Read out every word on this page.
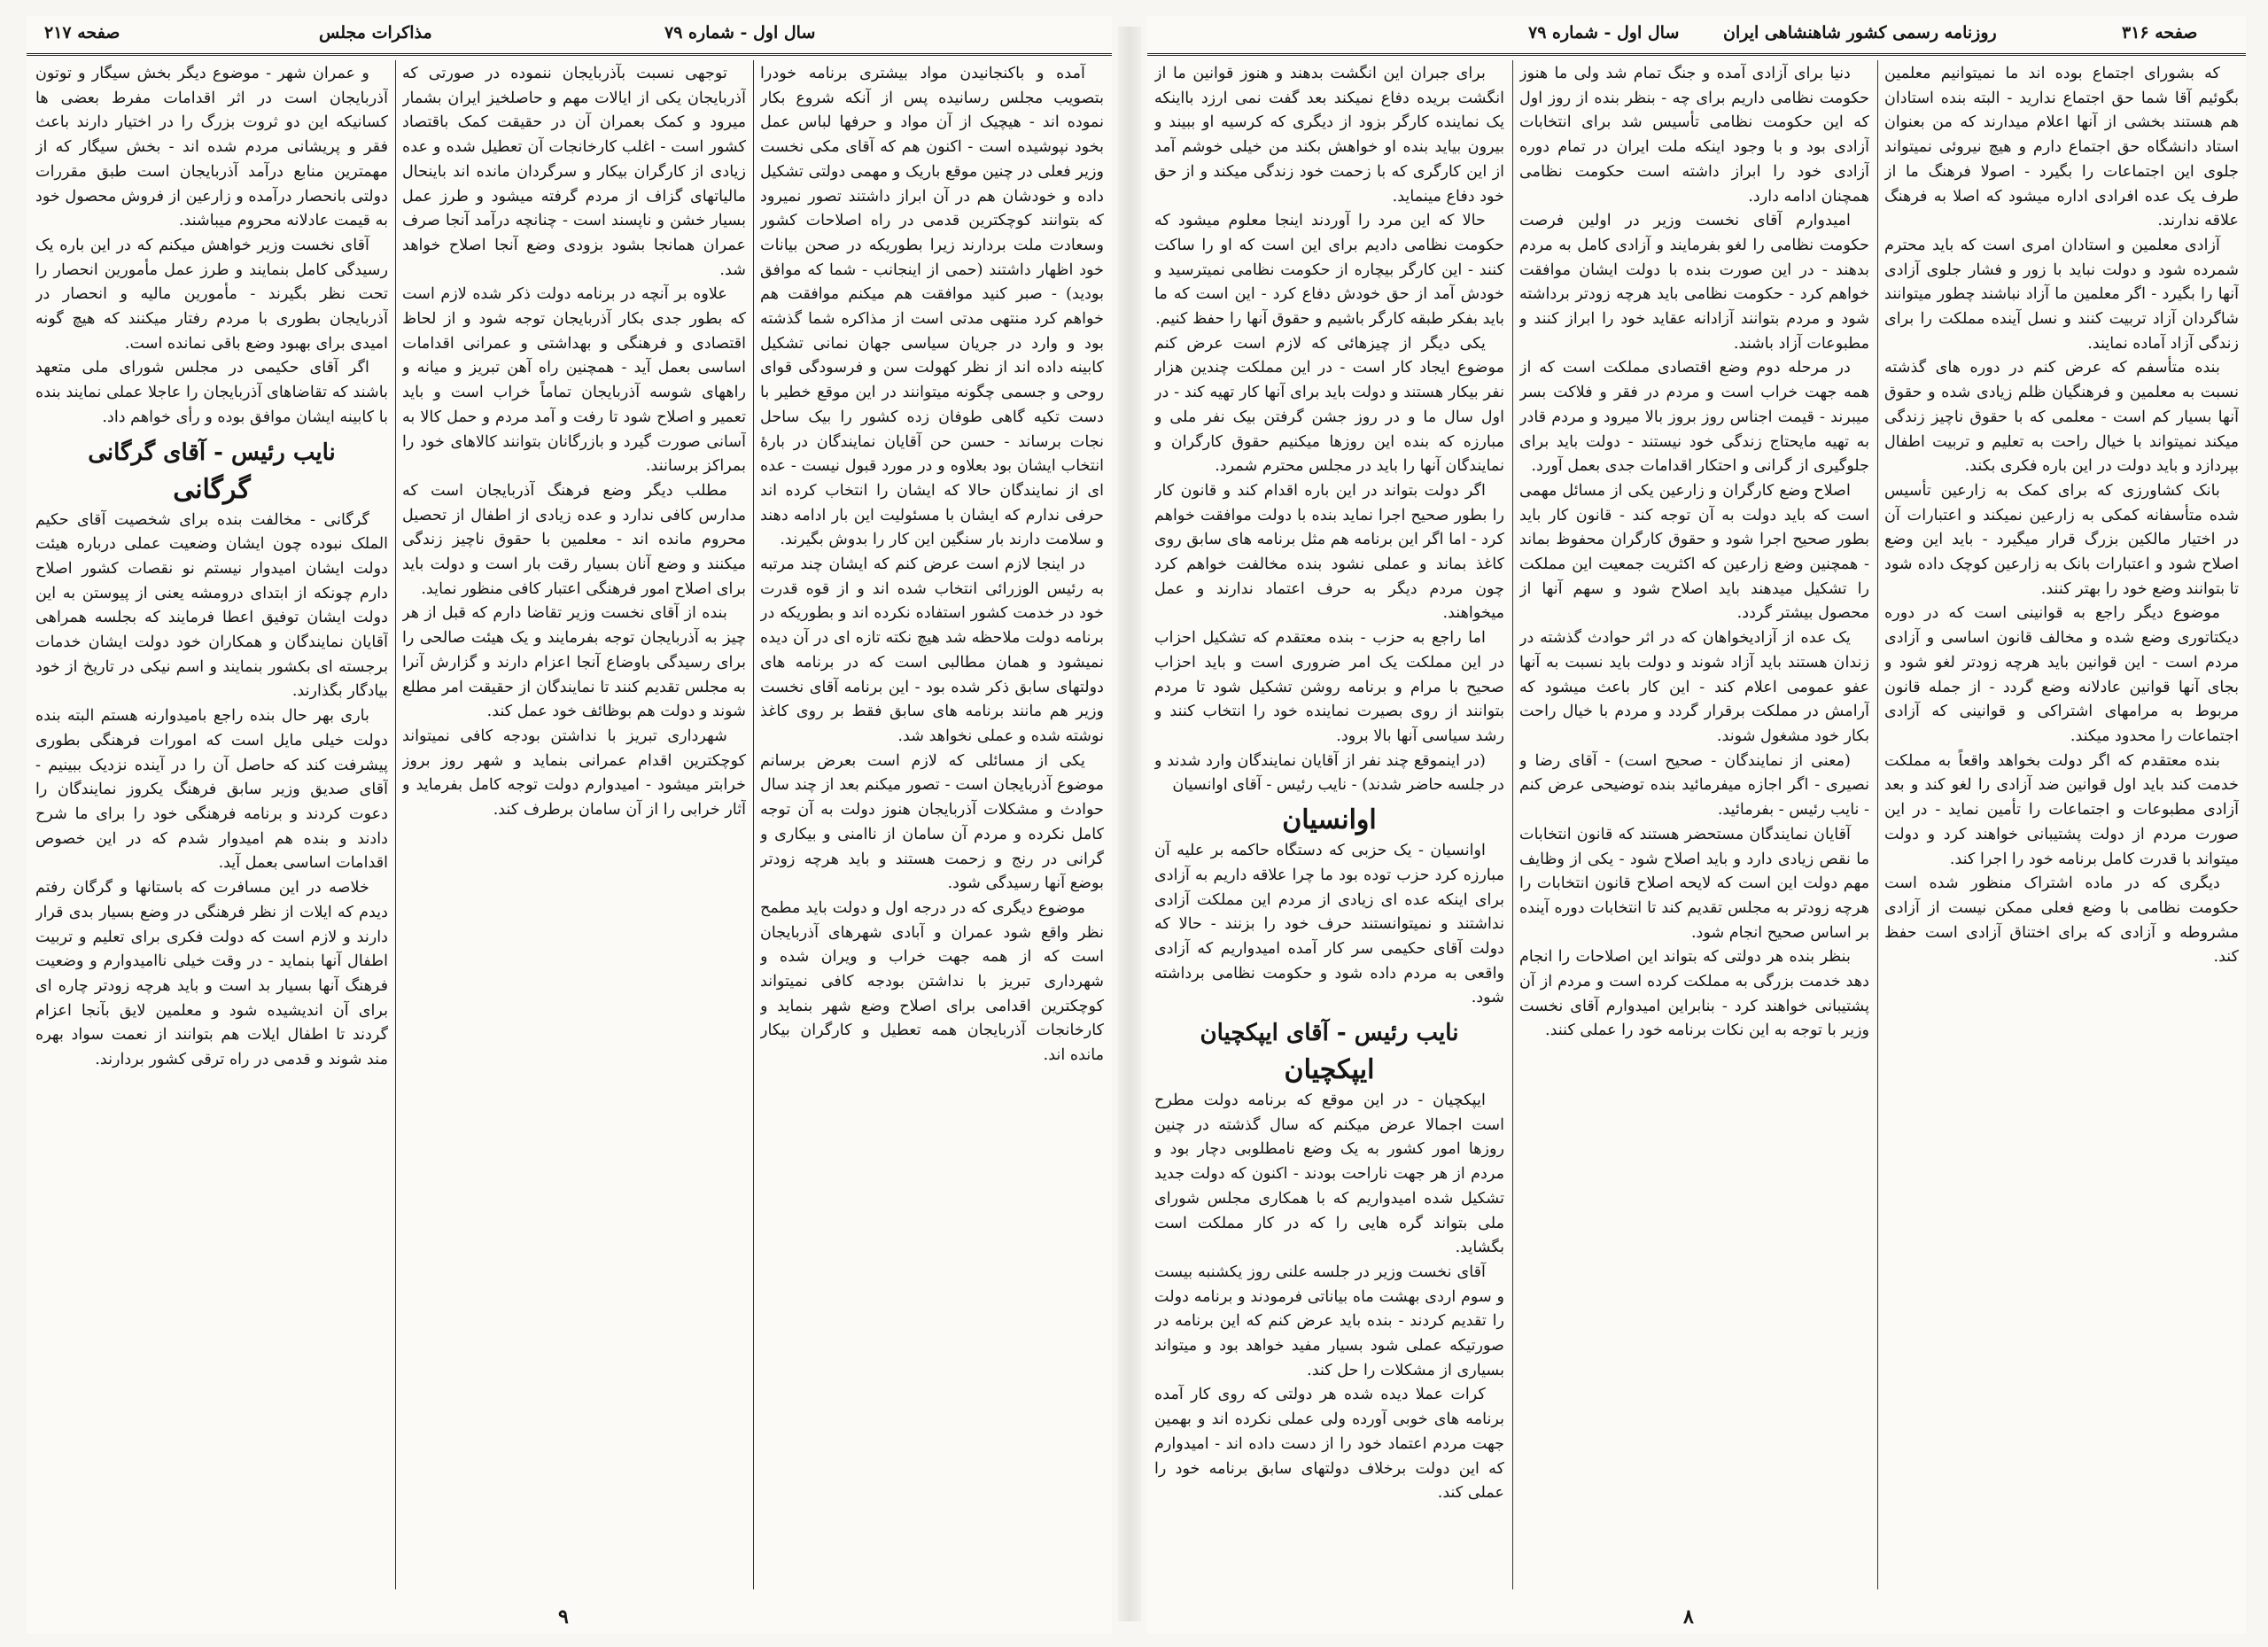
صفحه ۲۱۷	مذاکرات مجلس	سال اول - شماره ۷۹

و عمران شهر - موضوع دیگر بخش سیگار و توتون آذربایجان است در اثر اقدامات مفرط بعضی ها کسانیکه این دو ثروت بزرگ را در اختیار دارند باعث فقر و پریشانی مردم شده اند - بخش سیگار که از مهمترین منابع درآمد آذربایجان است طبق مقررات دولتی بانحصار درآمده و زارعین از فروش محصول خود به قیمت عادلانه محروم میباشند.

آقای نخست وزیر خواهش میکنم که در این باره یک رسیدگی کامل بنمایند و طرز عمل مأمورین انحصار را تحت نظر بگیرند - مأمورین مالیه و انحصار در آذربایجان بطوری با مردم رفتار میکنند که هیچ گونه امیدی برای بهبود وضع باقی نمانده است.

اگر آقای حکیمی در مجلس شورای ملی متعهد باشند که تقاضاهای آذربایجان را عاجلا عملی نمایند بنده با کابینه ایشان موافق بوده و رأی خواهم داد.

نایب رئیس - آقای گرگانی
گرگانی

گرگانی - مخالفت بنده برای شخصیت آقای حکیم الملک نبوده چون ایشان وضعیت عملی درباره هیئت دولت ایشان امیدوار نیستم نو نقصات کشور اصلاح دارم چونکه از ابتدای درومشه یعنی از پیوستن به این دولت ایشان توفیق اعطا فرمایند که بجلسه همراهی آقایان نمایندگان و همکاران خود دولت ایشان خدمات برجسته ای بکشور بنمایند و اسم نیکی در تاریخ از خود بیادگار بگذارند.

باری بهر حال بنده راجع بامیدوارنه هستم البته بنده دولت خیلی مایل است که امورات فرهنگی بطوری پیشرفت کند که حاصل آن را در آینده نزدیک ببینیم - آقای صدیق وزیر سابق فرهنگ یکروز نمایندگان را دعوت کردند و برنامه فرهنگی خود را برای ما شرح دادند و بنده هم امیدوار شدم که در این خصوص اقدامات اساسی بعمل آید.

خلاصه در این مسافرت که باستانها و گرگان رفتم دیدم که ایلات از نظر فرهنگی در وضع بسیار بدی قرار دارند و لازم است که دولت فکری برای تعلیم و تربیت اطفال آنها بنماید - در وقت خیلی ناامیدوارم و وضعیت فرهنگ آنها بسیار بد است و باید هرچه زودتر چاره ای برای آن اندیشیده شود و معلمین لایق بآنجا اعزام گردند تا اطفال ایلات هم بتوانند از نعمت سواد بهره مند شوند و قدمی در راه ترقی کشور بردارند.

توجهی نسبت بآذربایجان ننموده در صورتی که آذربایجان یکی از ایالات مهم و حاصلخیز ایران بشمار میرود و کمک بعمران آن در حقیقت کمک باقتصاد کشور است - اغلب کارخانجات آن تعطیل شده و عده زیادی از کارگران بیکار و سرگردان مانده اند باینحال مالیاتهای گزاف از مردم گرفته میشود و طرز عمل بسیار خشن و ناپسند است - چنانچه درآمد آنجا صرف عمران همانجا بشود بزودی وضع آنجا اصلاح خواهد شد.

علاوه بر آنچه در برنامه دولت ذکر شده لازم است که بطور جدی بکار آذربایجان توجه شود و از لحاظ اقتصادی و فرهنگی و بهداشتی و عمرانی اقدامات اساسی بعمل آید - همچنین راه آهن تبریز و میانه و راههای شوسه آذربایجان تماماً خراب است و باید تعمیر و اصلاح شود تا رفت و آمد مردم و حمل کالا به آسانی صورت گیرد و بازرگانان بتوانند کالاهای خود را بمراکز برسانند.

مطلب دیگر وضع فرهنگ آذربایجان است که مدارس کافی ندارد و عده زیادی از اطفال از تحصیل محروم مانده اند - معلمین با حقوق ناچیز زندگی میکنند و وضع آنان بسیار رقت بار است و دولت باید برای اصلاح امور فرهنگی اعتبار کافی منظور نماید.

بنده از آقای نخست وزیر تقاضا دارم که قبل از هر چیز به آذربایجان توجه بفرمایند و یک هیئت صالحی را برای رسیدگی باوضاع آنجا اعزام دارند و گزارش آنرا به مجلس تقدیم کنند تا نمایندگان از حقیقت امر مطلع شوند و دولت هم بوظائف خود عمل کند.

شهرداری تبریز با نداشتن بودجه کافی نمیتواند کوچکترین اقدام عمرانی بنماید و شهر روز بروز خرابتر میشود - امیدوارم دولت توجه کامل بفرماید و آثار خرابی را از آن سامان برطرف کند.

آمده و باکنجانیدن مواد بیشتری برنامه خودرا بتصویب مجلس رسانیده پس از آنکه شروع بکار نموده اند - هیچیک از آن مواد و حرفها لباس عمل بخود نپوشیده است - اکنون هم که آقای مکی نخست وزیر فعلی در چنین موقع باریک و مهمی دولتی تشکیل داده و خودشان هم در آن ابراز داشتند تصور نمیرود که بتوانند کوچکترین قدمی در راه اصلاحات کشور وسعادت ملت بردارند زیرا بطوریکه در صحن بیانات خود اظهار داشتند (حمی از اینجانب - شما که موافق بودید) - صبر کنید موافقت هم میکنم موافقت هم خواهم کرد منتهی مدتی است از مذاکره شما گذشته بود و وارد در جریان سیاسی جهان نمانی تشکیل کابینه داده اند از نظر کهولت سن و فرسودگی قوای روحی و جسمی چگونه میتوانند در این موقع خطیر با دست تکیه گاهی طوفان زده کشور را بیک ساحل نجات برساند - حسن حن آقایان نمایندگان در بارهٔ انتخاب ایشان بود بعلاوه و در مورد قبول نیست - عده ای از نمایندگان حالا که ایشان را انتخاب کرده اند حرفی ندارم که ایشان با مسئولیت این بار ادامه دهند و سلامت دارند بار سنگین این کار را بدوش بگیرند.

در اینجا لازم است عرض کنم که ایشان چند مرتبه به رئیس الوزرائی انتخاب شده اند و از قوه قدرت خود در خدمت کشور استفاده نکرده اند و بطوریکه در برنامه دولت ملاحظه شد هیچ نکته تازه ای در آن دیده نمیشود و همان مطالبی است که در برنامه های دولتهای سابق ذکر شده بود - این برنامه آقای نخست وزیر هم مانند برنامه های سابق فقط بر روی کاغذ نوشته شده و عملی نخواهد شد.

یکی از مسائلی که لازم است بعرض برسانم موضوع آذربایجان است - تصور میکنم بعد از چند سال حوادث و مشکلات آذربایجان هنوز دولت به آن توجه کامل نکرده و مردم آن سامان از ناامنی و بیکاری و گرانی در رنج و زحمت هستند و باید هرچه زودتر بوضع آنها رسیدگی شود.

موضوع دیگری که در درجه اول و دولت باید مطمح نظر واقع شود عمران و آبادی شهرهای آذربایجان است که از همه جهت خراب و ویران شده و شهرداری تبریز با نداشتن بودجه کافی نمیتواند کوچکترین اقدامی برای اصلاح وضع شهر بنماید و کارخانجات آذربایجان همه تعطیل و کارگران بیکار مانده اند.

۹
سال اول - شماره ۷۹	روزنامه رسمی کشور شاهنشاهی ایران	صفحه ۳۱۶

برای جبران این انگشت بدهند و هنوز قوانین ما از انگشت بریده دفاع نمیکند بعد گفت نمی ارزد بااینکه یک نماینده کارگر بزود از دیگری که کرسیه او ببیند و بیرون بیاید بنده او خواهش بکند من خیلی خوشم آمد از این کارگری که با زحمت خود زندگی میکند و از حق خود دفاع مینماید.

حالا که این مرد را آوردند اینجا معلوم میشود که حکومت نظامی دادیم برای این است که او را ساکت کنند - این کارگر بیچاره از حکومت نظامی نمیترسید و خودش آمد از حق خودش دفاع کرد - این است که ما باید بفکر طبقه کارگر باشیم و حقوق آنها را حفظ کنیم.

یکی دیگر از چیزهائی که لازم است عرض کنم موضوع ایجاد کار است - در این مملکت چندین هزار نفر بیکار هستند و دولت باید برای آنها کار تهیه کند - در اول سال ما و در روز جشن گرفتن بیک نفر ملی و مبارزه که بنده این روزها میکنیم حقوق کارگران و نمایندگان آنها را باید در مجلس محترم شمرد.

اگر دولت بتواند در این باره اقدام کند و قانون کار را بطور صحیح اجرا نماید بنده با دولت موافقت خواهم کرد - اما اگر این برنامه هم مثل برنامه های سابق روی کاغذ بماند و عملی نشود بنده مخالفت خواهم کرد چون مردم دیگر به حرف اعتماد ندارند و عمل میخواهند.

اما راجع به حزب - بنده معتقدم که تشکیل احزاب در این مملکت یک امر ضروری است و باید احزاب صحیح با مرام و برنامه روشن تشکیل شود تا مردم بتوانند از روی بصیرت نماینده خود را انتخاب کنند و رشد سیاسی آنها بالا برود.

(در اینموقع چند نفر از آقایان نمایندگان وارد شدند و در جلسه حاضر شدند) - نایب رئیس - آقای اوانسیان

اوانسیان

اوانسیان - یک حزبی که دستگاه حاکمه بر علیه آن مبارزه کرد حزب توده بود ما چرا علاقه داریم به آزادی برای اینکه عده ای زیادی از مردم این مملکت آزادی نداشتند و نمیتوانستند حرف خود را بزنند - حالا که دولت آقای حکیمی سر کار آمده امیدواریم که آزادی واقعی به مردم داده شود و حکومت نظامی برداشته شود.

نایب رئیس - آقای ایپکچیان
ایپکچیان

ایپکچیان - در این موقع که برنامه دولت مطرح است اجمالا عرض میکنم که سال گذشته در چنین روزها امور کشور به یک وضع نامطلوبی دچار بود و مردم از هر جهت ناراحت بودند - اکنون که دولت جدید تشکیل شده امیدواریم که با همکاری مجلس شورای ملی بتواند گره هایی را که در کار مملکت است بگشاید.

آقای نخست وزیر در جلسه علنی روز یکشنبه بیست و سوم اردی بهشت ماه بیاناتی فرمودند و برنامه دولت را تقدیم کردند - بنده باید عرض کنم که این برنامه در صورتیکه عملی شود بسیار مفید خواهد بود و میتواند بسیاری از مشکلات را حل کند.

کرات عملا دیده شده هر دولتی که روی کار آمده برنامه های خوبی آورده ولی عملی نکرده اند و بهمین جهت مردم اعتماد خود را از دست داده اند - امیدوارم که این دولت برخلاف دولتهای سابق برنامه خود را عملی کند.

دنیا برای آزادی آمده و جنگ تمام شد ولی ما هنوز حکومت نظامی داریم برای چه - بنظر بنده از روز اول که این حکومت نظامی تأسیس شد برای انتخابات آزادی بود و با وجود اینکه ملت ایران در تمام دوره آزادی خود را ابراز داشته است حکومت نظامی همچنان ادامه دارد.

امیدوارم آقای نخست وزیر در اولین فرصت حکومت نظامی را لغو بفرمایند و آزادی کامل به مردم بدهند - در این صورت بنده با دولت ایشان موافقت خواهم کرد - حکومت نظامی باید هرچه زودتر برداشته شود و مردم بتوانند آزادانه عقاید خود را ابراز کنند و مطبوعات آزاد باشند.

در مرحله دوم وضع اقتصادی مملکت است که از همه جهت خراب است و مردم در فقر و فلاکت بسر میبرند - قیمت اجناس روز بروز بالا میرود و مردم قادر به تهیه مایحتاج زندگی خود نیستند - دولت باید برای جلوگیری از گرانی و احتکار اقدامات جدی بعمل آورد.

اصلاح وضع کارگران و زارعین یکی از مسائل مهمی است که باید دولت به آن توجه کند - قانون کار باید بطور صحیح اجرا شود و حقوق کارگران محفوظ بماند - همچنین وضع زارعین که اکثریت جمعیت این مملکت را تشکیل میدهند باید اصلاح شود و سهم آنها از محصول بیشتر گردد.

یک عده از آزادیخواهان که در اثر حوادث گذشته در زندان هستند باید آزاد شوند و دولت باید نسبت به آنها عفو عمومی اعلام کند - این کار باعث میشود که آرامش در مملکت برقرار گردد و مردم با خیال راحت بکار خود مشغول شوند.

(معنی از نمایندگان - صحیح است) - آقای رضا و نصیری - اگر اجازه میفرمائید بنده توضیحی عرض کنم - نایب رئیس - بفرمائید.

آقایان نمایندگان مستحضر هستند که قانون انتخابات ما نقص زیادی دارد و باید اصلاح شود - یکی از وظایف مهم دولت این است که لایحه اصلاح قانون انتخابات را هرچه زودتر به مجلس تقدیم کند تا انتخابات دوره آینده بر اساس صحیح انجام شود.

بنظر بنده هر دولتی که بتواند این اصلاحات را انجام دهد خدمت بزرگی به مملکت کرده است و مردم از آن پشتیبانی خواهند کرد - بنابراین امیدوارم آقای نخست وزیر با توجه به این نکات برنامه خود را عملی کنند.

که بشورای اجتماع بوده اند ما نمیتوانیم معلمین بگوئیم آقا شما حق اجتماع ندارید - البته بنده استادان هم هستند بخشی از آنها اعلام میدارند که من بعنوان استاد دانشگاه حق اجتماع دارم و هیچ نیروئی نمیتواند جلوی این اجتماعات را بگیرد - اصولا فرهنگ ما از طرف یک عده افرادی اداره میشود که اصلا به فرهنگ علاقه ندارند.

آزادی معلمین و استادان امری است که باید محترم شمرده شود و دولت نباید با زور و فشار جلوی آزادی آنها را بگیرد - اگر معلمین ما آزاد نباشند چطور میتوانند شاگردان آزاد تربیت کنند و نسل آینده مملکت را برای زندگی آزاد آماده نمایند.

بنده متأسفم که عرض کنم در دوره های گذشته نسبت به معلمین و فرهنگیان ظلم زیادی شده و حقوق آنها بسیار کم است - معلمی که با حقوق ناچیز زندگی میکند نمیتواند با خیال راحت به تعلیم و تربیت اطفال بپردازد و باید دولت در این باره فکری بکند.

بانک کشاورزی که برای کمک به زارعین تأسیس شده متأسفانه کمکی به زارعین نمیکند و اعتبارات آن در اختیار مالکین بزرگ قرار میگیرد - باید این وضع اصلاح شود و اعتبارات بانک به زارعین کوچک داده شود تا بتوانند وضع خود را بهتر کنند.

موضوع دیگر راجع به قوانینی است که در دوره دیکتاتوری وضع شده و مخالف قانون اساسی و آزادی مردم است - این قوانین باید هرچه زودتر لغو شود و بجای آنها قوانین عادلانه وضع گردد - از جمله قانون مربوط به مرامهای اشتراکی و قوانینی که آزادی اجتماعات را محدود میکند.

بنده معتقدم که اگر دولت بخواهد واقعاً به مملکت خدمت کند باید اول قوانین ضد آزادی را لغو کند و بعد آزادی مطبوعات و اجتماعات را تأمین نماید - در این صورت مردم از دولت پشتیبانی خواهند کرد و دولت میتواند با قدرت کامل برنامه خود را اجرا کند.

دیگری که در ماده اشتراک منظور شده است حکومت نظامی با وضع فعلی ممکن نیست از آزادی مشروطه و آزادی که برای اختناق آزادی است حفظ کند.

۸
